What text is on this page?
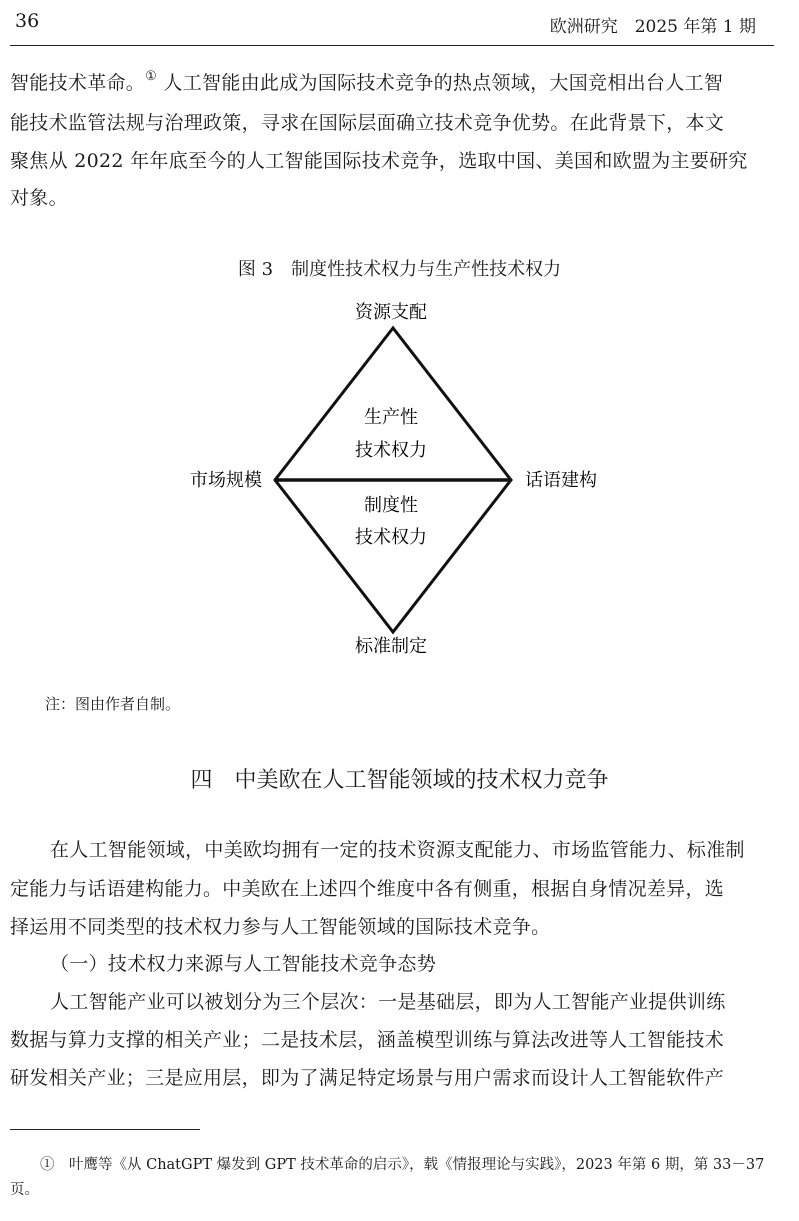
36	欧洲研究　2025 年第 1 期
智能技术革命。① 人工智能由此成为国际技术竞争的热点领域，大国竞相出台人工智
能技术监管法规与治理政策，寻求在国际层面确立技术竞争优势。在此背景下，本文
聚焦从 2022 年年底至今的人工智能国际技术竞争，选取中国、美国和欧盟为主要研究
对象。
图 3　制度性技术权力与生产性技术权力
资源支配
市场规模	话语建构
标准制定
生产性
技术权力
制度性
技术权力
注：图由作者自制。
四　中美欧在人工智能领域的技术权力竞争
在人工智能领域，中美欧均拥有一定的技术资源支配能力、市场监管能力、标准制
定能力与话语建构能力。中美欧在上述四个维度中各有侧重，根据自身情况差异，选
择运用不同类型的技术权力参与人工智能领域的国际技术竞争。
（一）技术权力来源与人工智能技术竞争态势
人工智能产业可以被划分为三个层次：一是基础层，即为人工智能产业提供训练
数据与算力支撑的相关产业；二是技术层，涵盖模型训练与算法改进等人工智能技术
研发相关产业；三是应用层，即为了满足特定场景与用户需求而设计人工智能软件产
①　叶鹰等《从 ChatGPT 爆发到 GPT 技术革命的启示》，载《情报理论与实践》，2023 年第 6 期，第 33－37
页。
